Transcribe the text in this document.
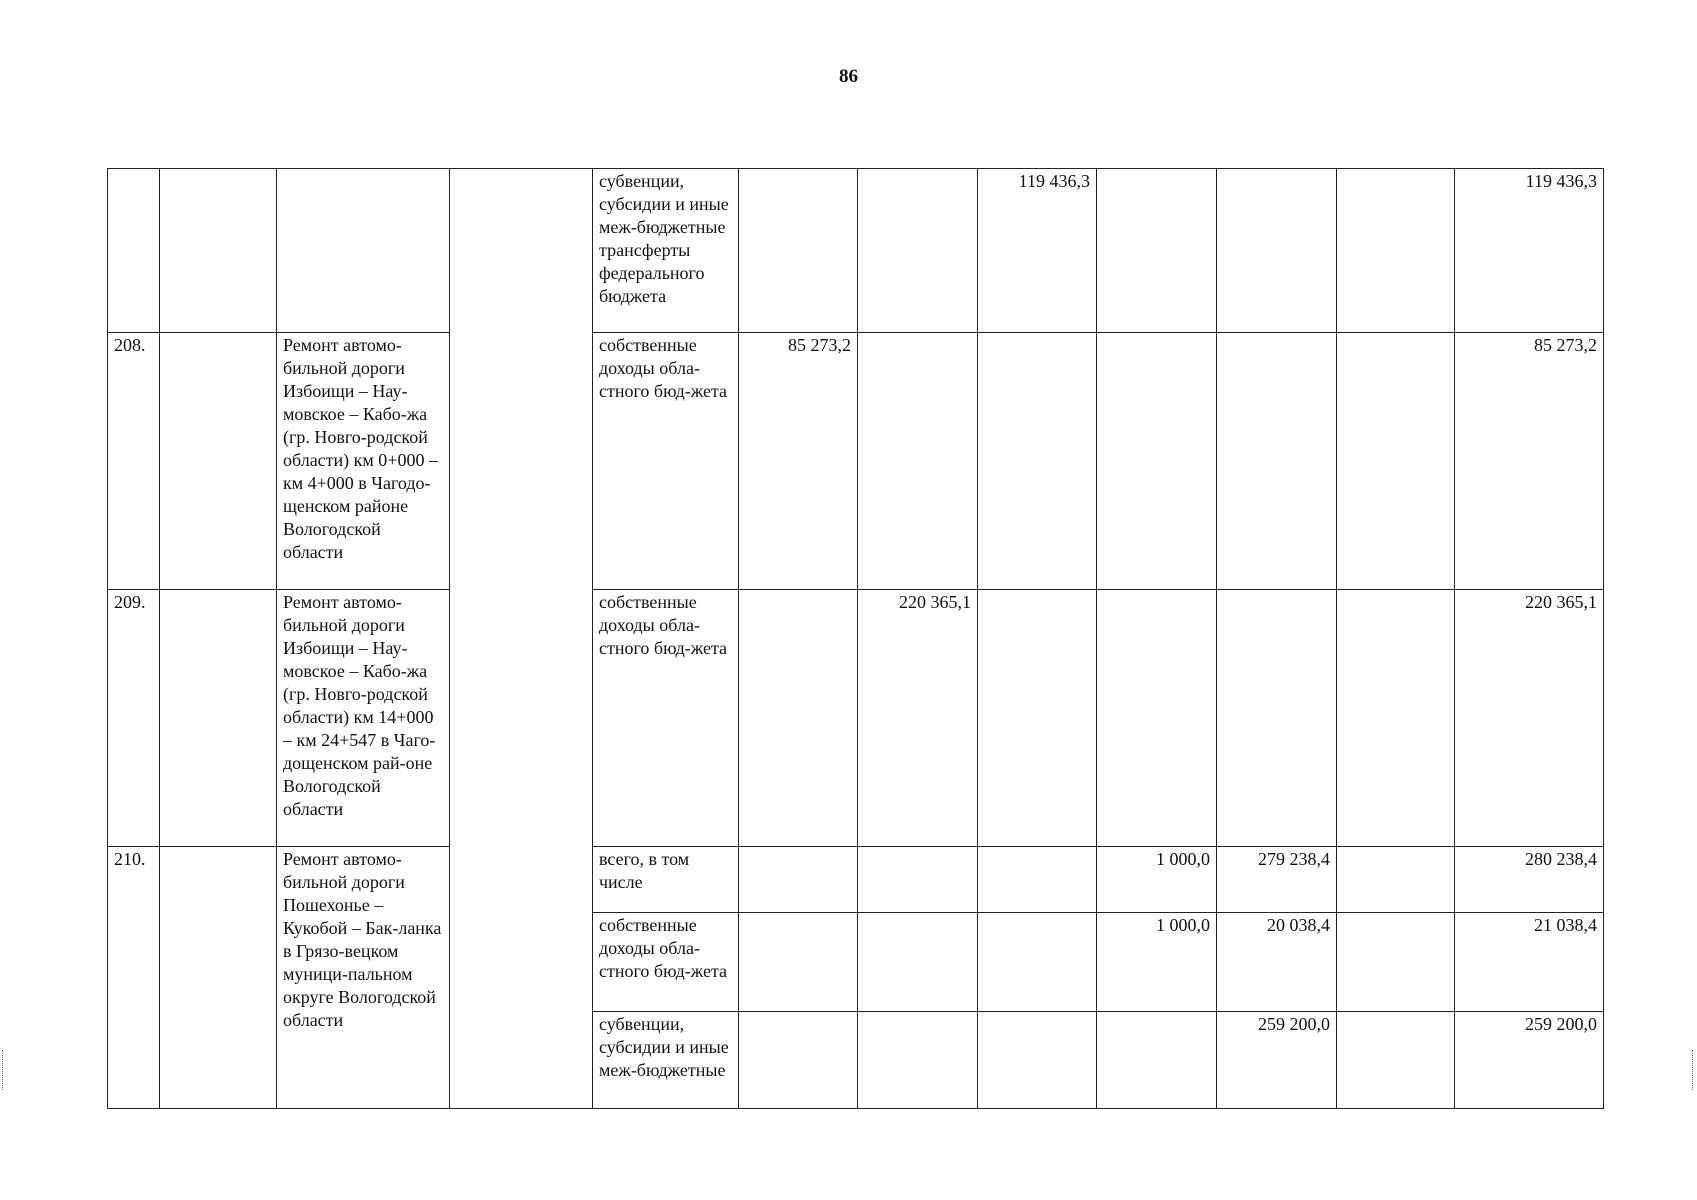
86
				субвенции, субсидии и иные меж-бюджетные трансферты федерального бюджета			119 436,3				119 436,3
208.		Ремонт автомо-бильной дороги Избоищи – Нау-мовское – Кабо-жа (гр. Новго-родской области) км 0+000 – км 4+000 в Чагодо-щенском районе Вологодской области		собственные доходы обла-стного бюд-жета	85 273,2						85 273,2
209.		Ремонт автомо-бильной дороги Избоищи – Нау-мовское – Кабо-жа (гр. Новго-родской области) км 14+000 – км 24+547 в Чаго-дощенском рай-оне Вологодской области		собственные доходы обла-стного бюд-жета		220 365,1					220 365,1
210.		Ремонт автомо-бильной дороги Пошехонье – Кукобой – Бак-ланка в Грязо-вецком муници-пальном округе Вологодской области		всего, в том числе				1 000,0	279 238,4		280 238,4
				собственные доходы обла-стного бюд-жета				1 000,0	20 038,4		21 038,4
				субвенции, субсидии и иные меж-бюджетные					259 200,0		259 200,0
